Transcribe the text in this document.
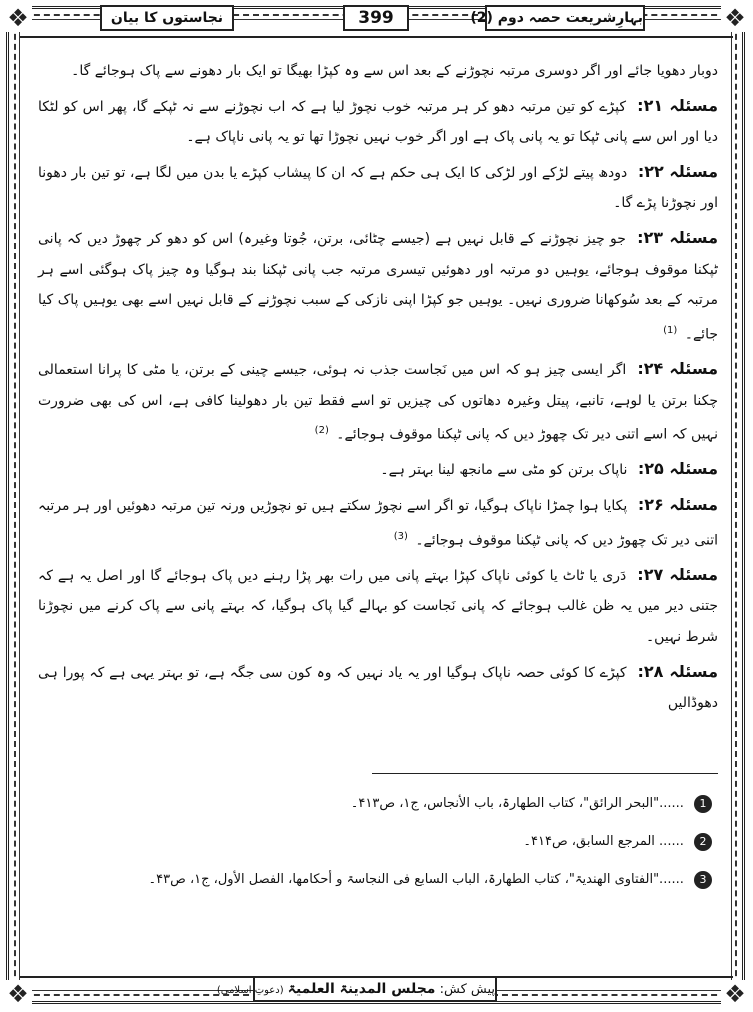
❖	❖
❖	❖
بہارِشریعت حصہ دوم (2)
399
نجاستوں کا بیان

دوبار دھویا جائے اور اگر دوسری مرتبہ نچوڑنے کے بعد اس سے وہ کپڑا بھیگا تو ایک بار دھونے سے پاک ہوجائے گا۔

مسئلہ ۲۱: کپڑے کو تین مرتبہ دھو کر ہر مرتبہ خوب نچوڑ لیا ہے کہ اب نچوڑنے سے نہ ٹپکے گا، پھر اس کو لٹکا دیا اور اس سے پانی ٹپکا تو یہ پانی پاک ہے اور اگر خوب نہیں نچوڑا تھا تو یہ پانی ناپاک ہے۔

مسئلہ ۲۲: دودھ پیتے لڑکے اور لڑکی کا ایک ہی حکم ہے کہ ان کا پیشاب کپڑے یا بدن میں لگا ہے، تو تین بار دھونا اور نچوڑنا پڑے گا۔

مسئلہ ۲۳: جو چیز نچوڑنے کے قابل نہیں ہے (جیسے چٹائی، برتن، جُوتا وغیرہ) اس کو دھو کر چھوڑ دیں کہ پانی ٹپکنا موقوف ہوجائے، یوہیں دو مرتبہ اور دھوئیں تیسری مرتبہ جب پانی ٹپکنا بند ہوگیا وہ چیز پاک ہوگئی اسے ہر مرتبہ کے بعد سُوکھانا ضروری نہیں۔ یوہیں جو کپڑا اپنی نازکی کے سبب نچوڑنے کے قابل نہیں اسے بھی یوہیں پاک کیا جائے۔ $^{(1)}$

مسئلہ ۲۴: اگر ایسی چیز ہو کہ اس میں نَجاست جذب نہ ہوئی، جیسے چینی کے برتن، یا مٹی کا پرانا استعمالی چکنا برتن یا لوہے، تانبے، پیتل وغیرہ دھاتوں کی چیزیں تو اسے فقط تین بار دھولینا کافی ہے، اس کی بھی ضرورت نہیں کہ اسے اتنی دیر تک چھوڑ دیں کہ پانی ٹپکنا موقوف ہوجائے۔ $^{(2)}$

مسئلہ ۲۵: ناپاک برتن کو مٹی سے مانجھ لینا بہتر ہے۔

مسئلہ ۲۶: پکایا ہوا چمڑا ناپاک ہوگیا، تو اگر اسے نچوڑ سکتے ہیں تو نچوڑیں ورنہ تین مرتبہ دھوئیں اور ہر مرتبہ اتنی دیر تک چھوڑ دیں کہ پانی ٹپکنا موقوف ہوجائے۔ $^{(3)}$

مسئلہ ۲۷: دَری یا ٹاٹ یا کوئی ناپاک کپڑا بہتے پانی میں رات بھر پڑا رہنے دیں پاک ہوجائے گا اور اصل یہ ہے کہ جتنی دیر میں یہ ظن غالب ہوجائے کہ پانی نَجاست کو بہالے گیا پاک ہوگیا، کہ بہتے پانی سے پاک کرنے میں نچوڑنا شرط نہیں۔

مسئلہ ۲۸: کپڑے کا کوئی حصہ ناپاک ہوگیا اور یہ یاد نہیں کہ وہ کون سی جگہ ہے، تو بہتر یہی ہے کہ پورا ہی دھوڈالیں

1 ......"البحر الرائق"، کتاب الطھارۃ، باب الأنجاس، ج۱، ص۴۱۳۔
2 ...... المرجع السابق، ص۴۱۴۔
3 ......"الفتاوی الھندیۃ"، کتاب الطھارۃ، الباب السابع فی النجاسۃ و أحکامھا، الفصل الأول، ج۱، ص۴۳۔
پیش کش: مجلس المدینۃ العلمیۃ (دعوتِ اسلامی)
